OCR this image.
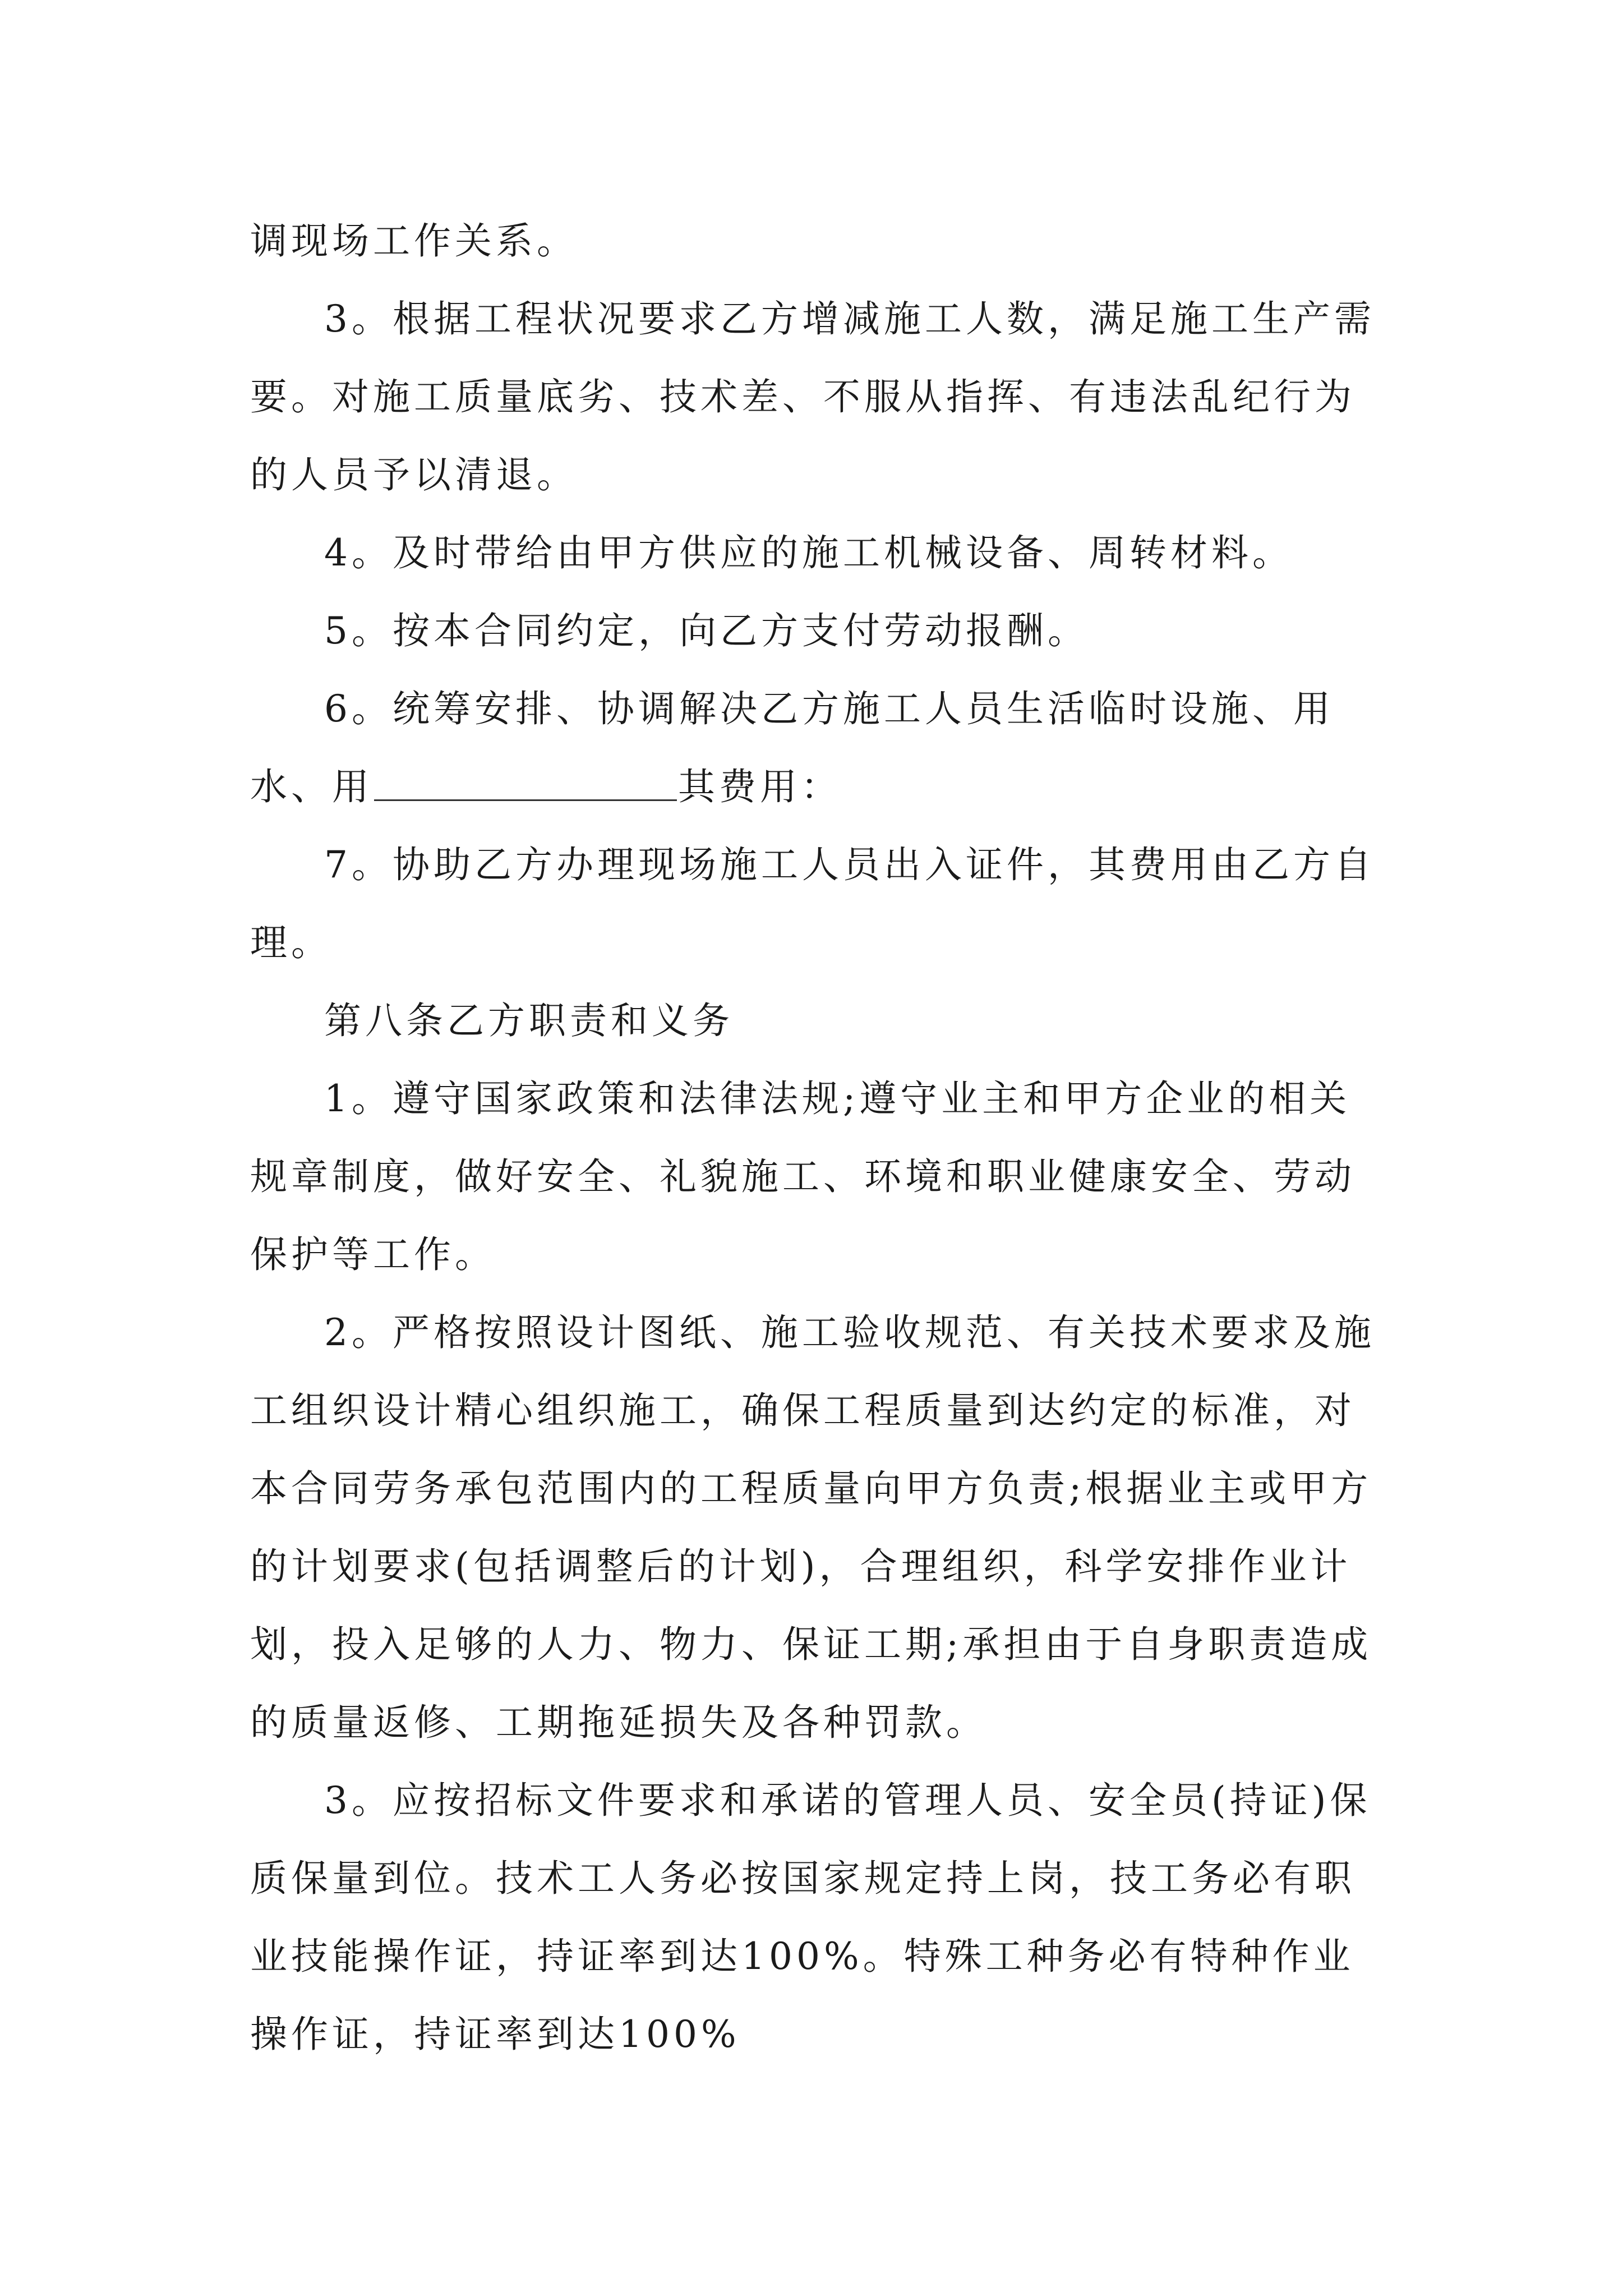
调现场工作关系。

3。根据工程状况要求乙方增减施工人数，满足施工生产需要。对施工质量底劣、技术差、不服从指挥、有违法乱纪行为的人员予以清退。

4。及时带给由甲方供应的施工机械设备、周转材料。

5。按本合同约定，向乙方支付劳动报酬。

6。统筹安排、协调解决乙方施工人员生活临时设施、用水、用	其费用：

7。协助乙方办理现场施工人员出入证件，其费用由乙方自理。

第八条乙方职责和义务

1。遵守国家政策和法律法规;遵守业主和甲方企业的相关规章制度，做好安全、礼貌施工、环境和职业健康安全、劳动保护等工作。

2。严格按照设计图纸、施工验收规范、有关技术要求及施工组织设计精心组织施工，确保工程质量到达约定的标准，对本合同劳务承包范围内的工程质量向甲方负责;根据业主或甲方的计划要求(包括调整后的计划)，合理组织，科学安排作业计划，投入足够的人力、物力、保证工期;承担由于自身职责造成的质量返修、工期拖延损失及各种罚款。

3。应按招标文件要求和承诺的管理人员、安全员(持证)保质保量到位。技术工人务必按国家规定持上岗，技工务必有职业技能操作证，持证率到达100%。特殊工种务必有特种作业操作证，持证率到达100%
